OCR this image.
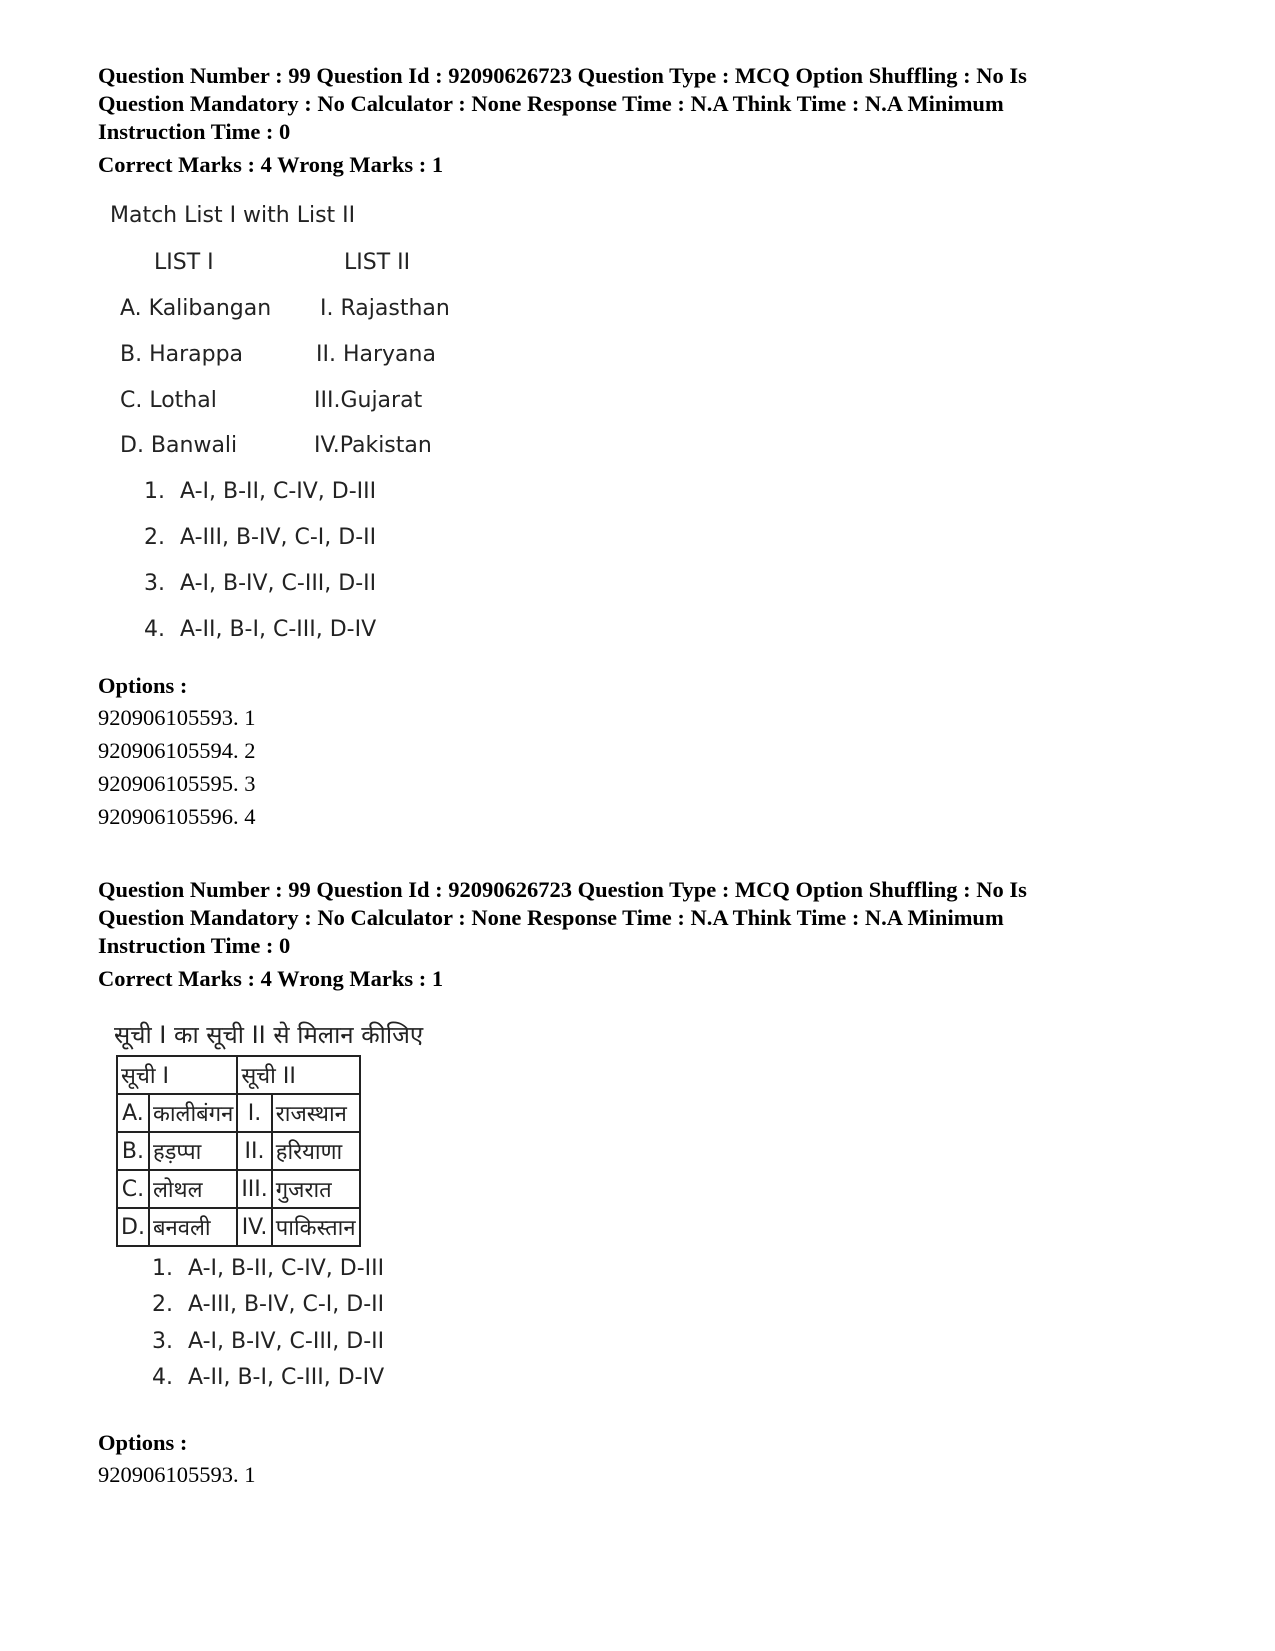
Question Number : 99 Question Id : 92090626723 Question Type : MCQ Option Shuffling : No Is

Question Mandatory : No Calculator : None Response Time : N.A Think Time : N.A Minimum

Instruction Time : 0

Correct Marks : 4 Wrong Marks : 1
Match List I with List II
LIST I	LIST II
A. Kalibangan I. Rajasthan
B. Harappa	II. Haryana
C. Lothal	III.Gujarat
D. Banwali	IV.Pakistan
1. A-I, B-II, C-IV, D-III
2. A-III, B-IV, C-I, D-II
3. A-I, B-IV, C-III, D-II
4. A-II, B-I, C-III, D-IV
Options :
920906105593. 1
920906105594. 2
920906105595. 3
920906105596. 4

Question Number : 99 Question Id : 92090626723 Question Type : MCQ Option Shuffling : No Is

Question Mandatory : No Calculator : None Response Time : N.A Think Time : N.A Minimum

Instruction Time : 0

Correct Marks : 4 Wrong Marks : 1
सूची I का सूची II से मिलान कीजिए
सूची I		सूची II	
A.	कालीबंगन	I.	राजस्थान
B.	हड़प्पा	II.	हरियाणा
C.	लोथल	III.	गुजरात
D.	बनवली	IV.	पाकिस्तान
1. A-I, B-II, C-IV, D-III
2. A-III, B-IV, C-I, D-II
3. A-I, B-IV, C-III, D-II
4. A-II, B-I, C-III, D-IV
Options :
920906105593. 1
